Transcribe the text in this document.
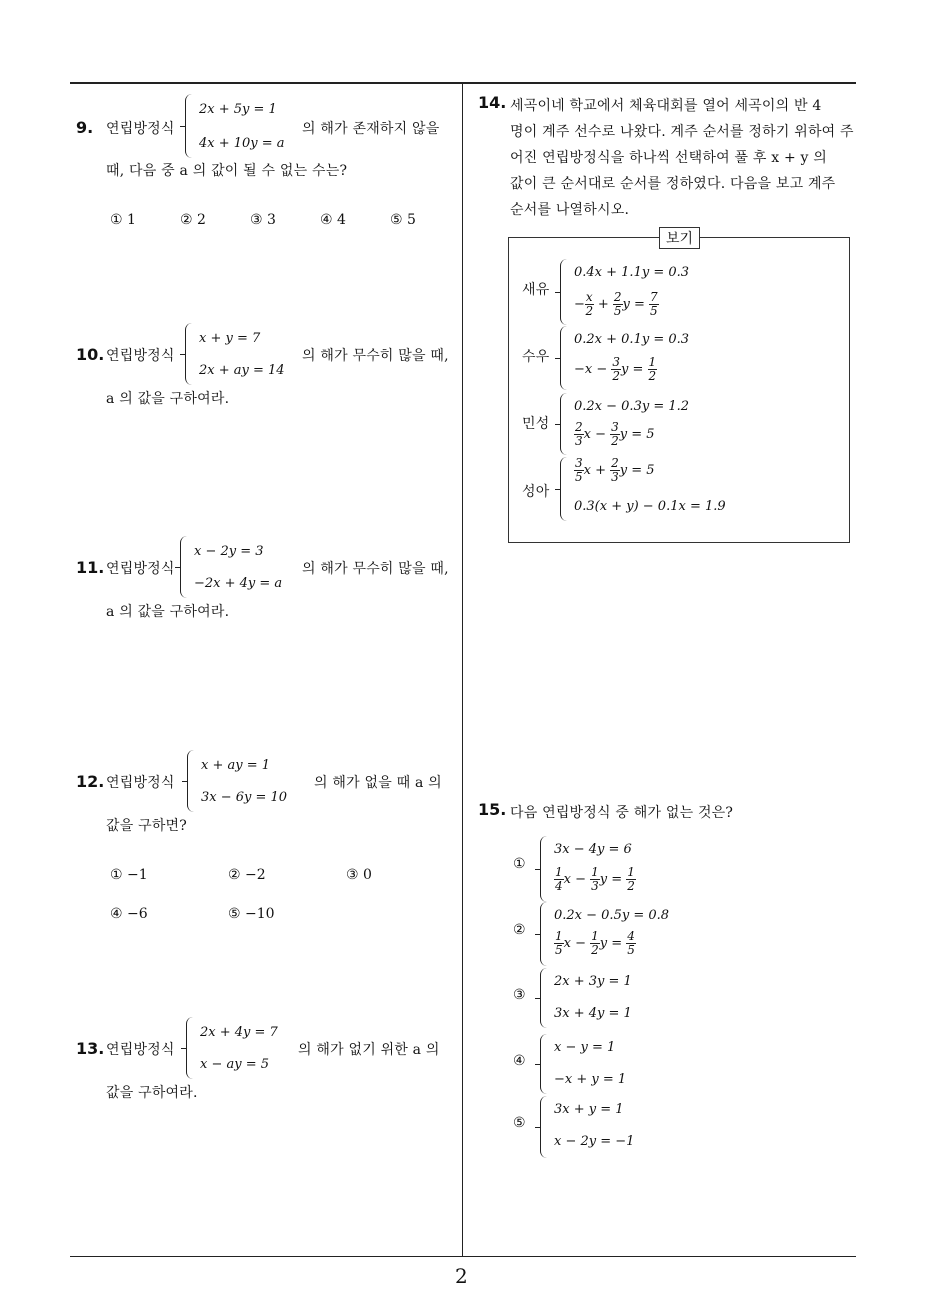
2
9. 연립방정식
2x + 5y = 1
4x + 10y = a
의 해가 존재하지 않을
때, 다음 중 a 의 값이 될 수 없는 수는?
① 1	② 2	③ 3	④ 4	⑤ 5
10. 연립방정식
x + y = 7
2x + ay = 14
의 해가 무수히 많을 때,
a 의 값을 구하여라.
11. 연립방정식
x − 2y = 3
−2x + 4y = a
의 해가 무수히 많을 때,
a 의 값을 구하여라.
12. 연립방정식
x + ay = 1
3x − 6y = 10
의 해가 없을 때 a 의
값을 구하면?
① −1	② −2	③ 0
④ −6	⑤ −10
13. 연립방정식
2x + 4y = 7
x − ay = 5
의 해가 없기 위한 a 의
값을 구하여라.
14. 세곡이네 학교에서 체육대회를 열어 세곡이의 반 4
명이 계주 선수로 나왔다. 계주 순서를 정하기 위하여 주
어진 연립방정식을 하나씩 선택하여 풀 후 x + y 의
값이 큰 순서대로 순서를 정하였다. 다음을 보고 계주
순서를 나열하시오.
보기
새유
0.4x + 1.1y = 0.3
− $\frac{x}{2} + \frac{2}{5}$ $y = \frac{7}{5}$
수우
0.2x + 0.1y = 0.3
$-x - \frac{3}{2}$ $y = \frac{1}{2}$
민성
0.2x − 0.3y = 1.2
$\frac{2}{3}$ $x - \frac{3}{2}$ y = 5
성아
$\frac{3}{5}$ $x + \frac{2}{3}$ y = 5
0.3(x + y) − 0.1x = 1.9
15. 다음 연립방정식 중 해가 없는 것은?
①
3x − 4y = 6
$\frac{1}{4}$ $x - \frac{1}{3}$ $y = \frac{1}{2}$
②
0.2x − 0.5y = 0.8
$\frac{1}{5}$ $x - \frac{1}{2}$ $y = \frac{4}{5}$
③
2x + 3y = 1
3x + 4y = 1
④
x − y = 1
−x + y = 1
⑤
3x + y = 1
x − 2y = −1
